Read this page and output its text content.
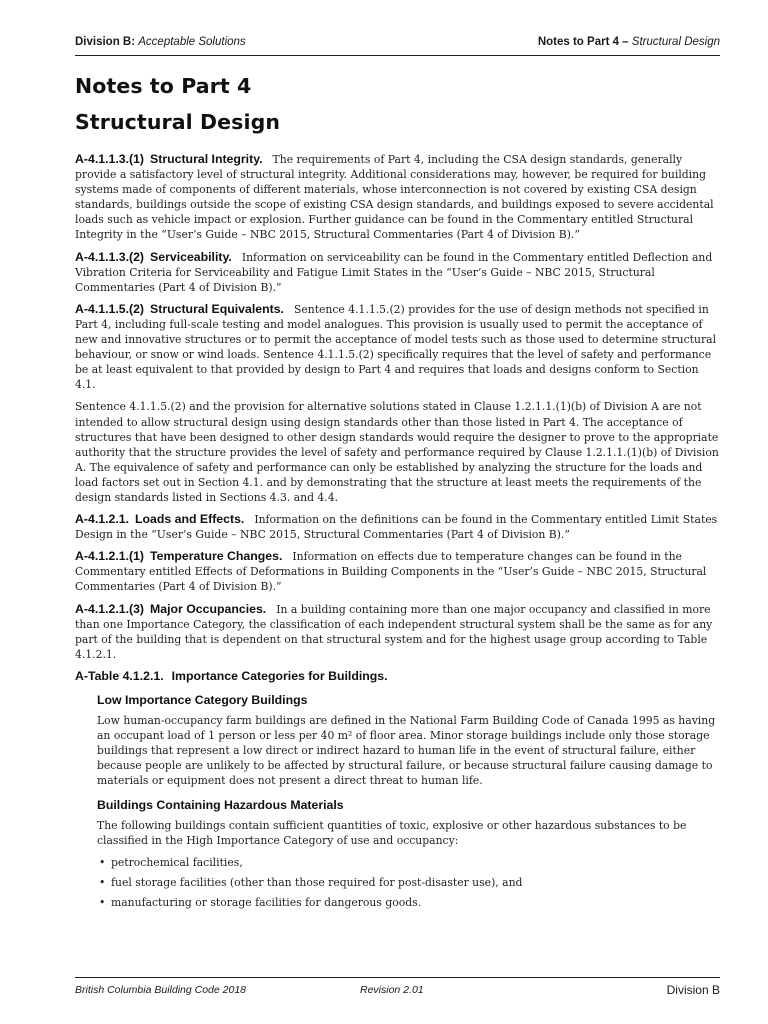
Division B: Acceptable Solutions	Notes to Part 4 – Structural Design
Notes to Part 4
Structural Design

A-4.1.1.3.(1) Structural Integrity. The requirements of Part 4, including the CSA design standards, generally provide a satisfactory level of structural integrity. Additional considerations may, however, be required for building systems made of components of different materials, whose interconnection is not covered by existing CSA design standards, buildings outside the scope of existing CSA design standards, and buildings exposed to severe accidental loads such as vehicle impact or explosion. Further guidance can be found in the Commentary entitled Structural Integrity in the “User’s Guide – NBC 2015, Structural Commentaries (Part 4 of Division B).”

A-4.1.1.3.(2) Serviceability. Information on serviceability can be found in the Commentary entitled Deflection and Vibration Criteria for Serviceability and Fatigue Limit States in the “User’s Guide – NBC 2015, Structural Commentaries (Part 4 of Division B).”

A-4.1.1.5.(2) Structural Equivalents. Sentence 4.1.1.5.(2) provides for the use of design methods not specified in Part 4, including full-scale testing and model analogues. This provision is usually used to permit the acceptance of new and innovative structures or to permit the acceptance of model tests such as those used to determine structural behaviour, or snow or wind loads. Sentence 4.1.1.5.(2) specifically requires that the level of safety and performance be at least equivalent to that provided by design to Part 4 and requires that loads and designs conform to Section 4.1.

Sentence 4.1.1.5.(2) and the provision for alternative solutions stated in Clause 1.2.1.1.(1)(b) of Division A are not intended to allow structural design using design standards other than those listed in Part 4. The acceptance of structures that have been designed to other design standards would require the designer to prove to the appropriate authority that the structure provides the level of safety and performance required by Clause 1.2.1.1.(1)(b) of Division A. The equivalence of safety and performance can only be established by analyzing the structure for the loads and load factors set out in Section 4.1. and by demonstrating that the structure at least meets the requirements of the design standards listed in Sections 4.3. and 4.4.

A-4.1.2.1. Loads and Effects. Information on the definitions can be found in the Commentary entitled Limit States Design in the “User’s Guide – NBC 2015, Structural Commentaries (Part 4 of Division B).”

A-4.1.2.1.(1) Temperature Changes. Information on effects due to temperature changes can be found in the Commentary entitled Effects of Deformations in Building Components in the “User’s Guide – NBC 2015, Structural Commentaries (Part 4 of Division B).”

A-4.1.2.1.(3) Major Occupancies. In a building containing more than one major occupancy and classified in more than one Importance Category, the classification of each independent structural system shall be the same as for any part of the building that is dependent on that structural system and for the highest usage group according to Table 4.1.2.1.

A-Table 4.1.2.1. Importance Categories for Buildings.
Low Importance Category Buildings

Low human-occupancy farm buildings are defined in the National Farm Building Code of Canada 1995 as having an occupant load of 1 person or less per 40 m² of floor area. Minor storage buildings include only those storage buildings that represent a low direct or indirect hazard to human life in the event of structural failure, either because people are unlikely to be affected by structural failure, or because structural failure causing damage to materials or equipment does not present a direct threat to human life.

Buildings Containing Hazardous Materials

The following buildings contain sufficient quantities of toxic, explosive or other hazardous substances to be classified in the High Importance Category of use and occupancy:

• petrochemical facilities,
• fuel storage facilities (other than those required for post-disaster use), and
• manufacturing or storage facilities for dangerous goods.
British Columbia Building Code 2018	Revision 2.01	Division B
